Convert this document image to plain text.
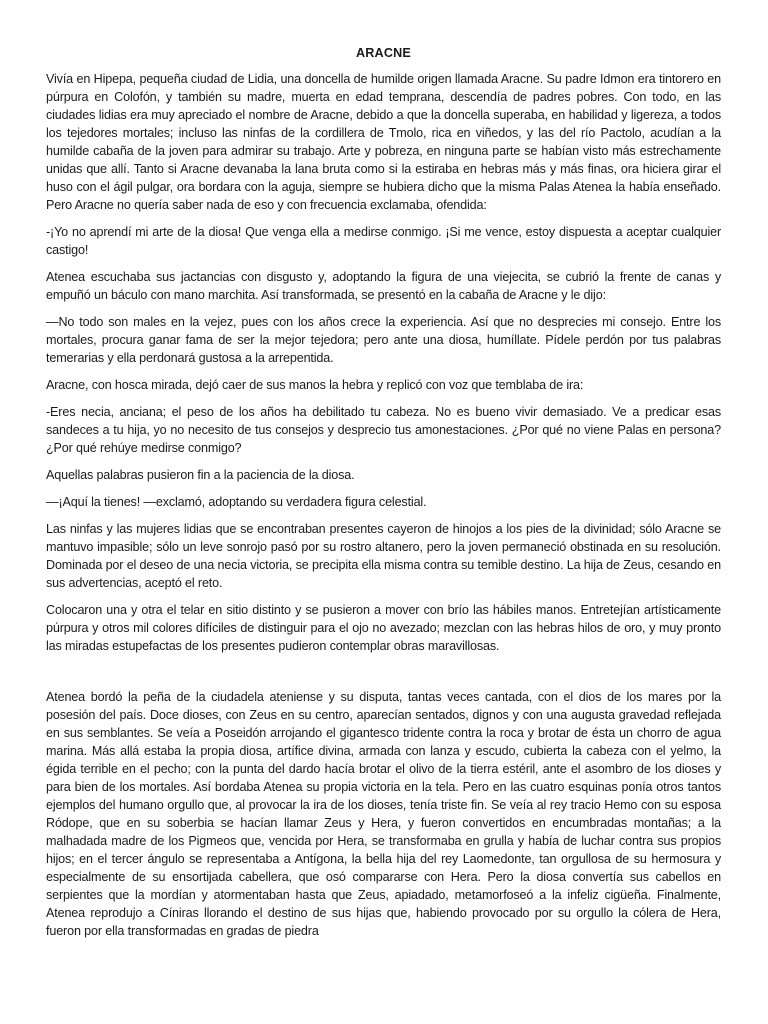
ARACNE

Vivía en Hipepa, pequeña ciudad de Lidia, una doncella de humilde origen llamada Aracne. Su padre Idmon era tintorero en púrpura en Colofón, y también su madre, muerta en edad temprana, descendía de padres pobres. Con todo, en las ciudades lidias era muy apreciado el nombre de Aracne, debido a que la doncella superaba, en habilidad y ligereza, a todos los tejedores mortales; incluso las ninfas de la cordillera de Tmolo, rica en viñedos, y las del río Pactolo, acudían a la humilde cabaña de la joven para admirar su trabajo. Arte y pobreza, en ninguna parte se habían visto más estrechamente unidas que allí. Tanto si Aracne devanaba la lana bruta como si la estiraba en hebras más y más finas, ora hiciera girar el huso con el ágil pulgar, ora bordara con la aguja, siempre se hubiera dicho que la misma Palas Atenea la había enseñado. Pero Aracne no quería saber nada de eso y con frecuencia exclamaba, ofendida:

-¡Yo no aprendí mi arte de la diosa! Que venga ella a medirse conmigo. ¡Si me vence, estoy dispuesta a aceptar cualquier castigo!

Atenea escuchaba sus jactancias con disgusto y, adoptando la figura de una viejecita, se cubrió la frente de canas y empuñó un báculo con mano marchita. Así transformada, se presentó en la cabaña de Aracne y le dijo:

—No todo son males en la vejez, pues con los años crece la experiencia. Así que no desprecies mi consejo. Entre los mortales, procura ganar fama de ser la mejor tejedora; pero ante una diosa, humíllate. Pídele perdón por tus palabras temerarias y ella perdonará gustosa a la arrepentida.

Aracne, con hosca mirada, dejó caer de sus manos la hebra y replicó con voz que temblaba de ira:

-Eres necia, anciana; el peso de los años ha debilitado tu cabeza. No es bueno vivir demasiado. Ve a predicar esas sandeces a tu hija, yo no necesito de tus consejos y desprecio tus amonestaciones. ¿Por qué no viene Palas en persona? ¿Por qué rehúye medirse conmigo?

Aquellas palabras pusieron fin a la paciencia de la diosa.

—¡Aquí la tienes! —exclamó, adoptando su verdadera figura celestial.

Las ninfas y las mujeres lidias que se encontraban presentes cayeron de hinojos a los pies de la divinidad; sólo Aracne se mantuvo impasible; sólo un leve sonrojo pasó por su rostro altanero, pero la joven permaneció obstinada en su resolución. Dominada por el deseo de una necia victoria, se precipita ella misma contra su temible destino. La hija de Zeus, cesando en sus advertencias, aceptó el reto.

Colocaron una y otra el telar en sitio distinto y se pusieron a mover con brío las hábiles manos. Entretejían artísticamente púrpura y otros mil colores difíciles de distinguir para el ojo no avezado; mezclan con las hebras hilos de oro, y muy pronto las miradas estupefactas de los presentes pudieron contemplar obras maravillosas.

Atenea bordó la peña de la ciudadela ateniense y su disputa, tantas veces cantada, con el dios de los mares por la posesión del país. Doce dioses, con Zeus en su centro, aparecían sentados, dignos y con una augusta gravedad reflejada en sus semblantes. Se veía a Poseidón arrojando el gigantesco tridente contra la roca y brotar de ésta un chorro de agua marina. Más allá estaba la propia diosa, artífice divina, armada con lanza y escudo, cubierta la cabeza con el yelmo, la égida terrible en el pecho; con la punta del dardo hacía brotar el olivo de la tierra estéril, ante el asombro de los dioses y para bien de los mortales. Así bordaba Atenea su propia victoria en la tela. Pero en las cuatro esquinas ponía otros tantos ejemplos del humano orgullo que, al provocar la ira de los dioses, tenía triste fin. Se veía al rey tracio Hemo con su esposa Ródope, que en su soberbia se hacían llamar Zeus y Hera, y fueron convertidos en encumbradas montañas; a la malhadada madre de los Pigmeos que, vencida por Hera, se transformaba en grulla y había de luchar contra sus propios hijos; en el tercer ángulo se representaba a Antígona, la bella hija del rey Laomedonte, tan orgullosa de su hermosura y especialmente de su ensortijada cabellera, que osó compararse con Hera. Pero la diosa convertía sus cabellos en serpientes que la mordían y atormentaban hasta que Zeus, apiadado, metamorfoseó a la infeliz cigüeña. Finalmente, Atenea reprodujo a Cíniras llorando el destino de sus hijas que, habiendo provocado por su orgullo la cólera de Hera, fueron por ella transformadas en gradas de piedra
